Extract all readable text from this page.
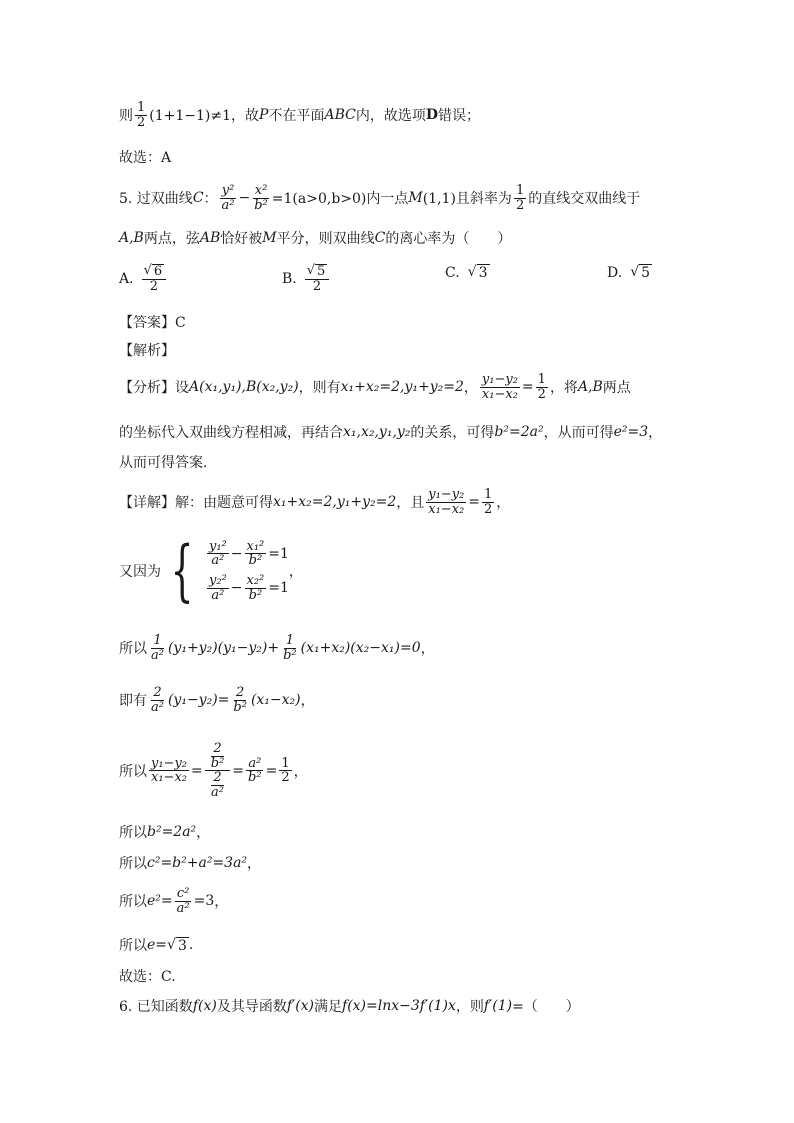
则
1
2 (1+1−1)≠1，故 P 不在平面 ABC 内，故选项 D 错误；
故选：A
5. 过双曲线 C ：
y²
$a^2 - \frac{\text{x²}}{\text{b²}} =1(a>0,b>0)$内一点 M (1,1)且斜率为
1
2 的直线交双曲线于
A,B 两点，弦 AB 恰好被 M 平分，则双曲线 C 的离心率为（　　）
A.
√ 6
2	B.
√ 5
2
C. √ 3	D. √ 5
【答案】C
【解析】
【分析】设 A(x₁,y₁),B(x₂,y₂) ，则有 x₁+x₂=2,y₁+y₂=2 ， $\frac{\text{y₁−y₂}}{\text{x₁−x₂}} = \frac{1}{2}$ ，将 A,B 两点
的坐标代入双曲线方程相减，再结合 x₁,x₂,y₁,y₂ 的关系，可得 b²=2a² ，从而可得 e²=3 ，
从而可得答案.
【详解】解：由题意可得 x₁+x₂=2,y₁+y₂=2 ，且 $\frac{\text{y₁−y₂}}{\text{x₁−x₂}} = \frac{1}{2}$ ，
又因为 { y₁²
$a^2 - \frac{\text{x₁²}}{\text{b²}} =1$
y₂²
$a^2 - \frac{\text{x₂²}}{\text{b²}} =1$
，
所以
1
a² $(y_1+y_2)(y_1-y_2)+ \frac{1}{\text{b²}} (x_1+x_2)(x_2-x_1)=0$ ，
即有
2
a² $(y_1-y_2)= \frac{2}{\text{b²}} (x_1-x_2)$ ，
所以 $\frac{\text{y₁−y₂}}{\text{x₁−x₂}} = 2$
b²
$\frac{2}{\text{a²}} = \frac{\text{a²}}{\text{b²}} = \frac{1}{2}$ ，
所以 b²=2a² ，
所以 c²=b²+a²=3a² ，
所以 $e^2 = \frac{\text{c²}}{\text{a²}} =3$ ，
所以 e= √ 3 .
故选：C.
6. 已知函数 f(x) 及其导函数 f′(x) 满足 f(x)=lnx−3f′(1)x ，则 f′(1) =（　　）
